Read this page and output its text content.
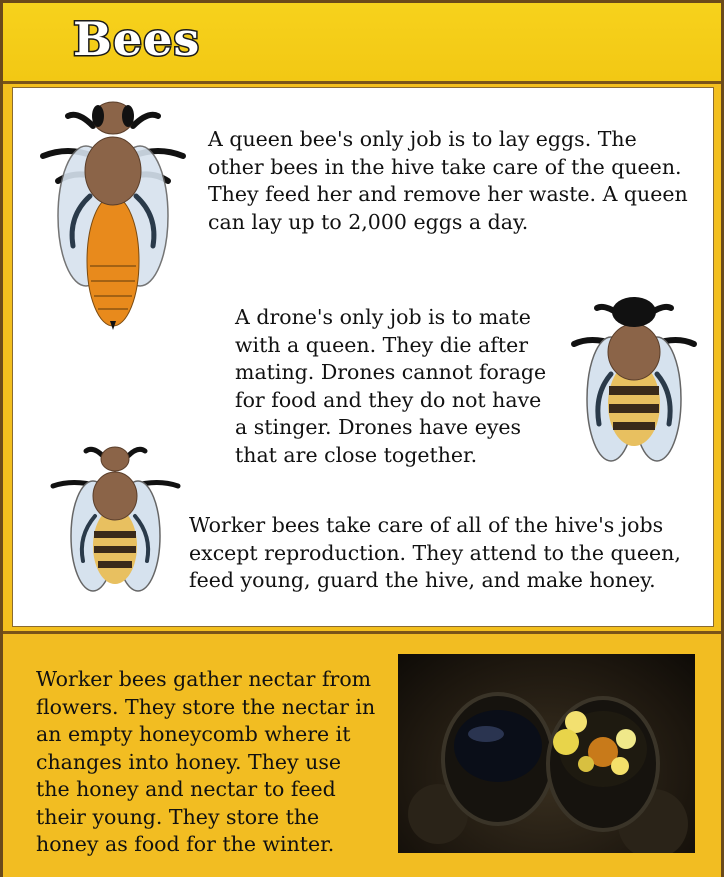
Bees
A queen bee's only job is to lay eggs. The other bees in the hive take care of the queen. They feed her and remove her waste. A queen can lay up to 2,000 eggs a day.
A drone's only job is to mate with a queen. They die after mating. Drones cannot forage for food and they do not have a stinger. Drones have eyes that are close together.
Worker bees take care of all of the hive's jobs except reproduction. They attend to the queen, feed young, guard the hive, and make honey.
Worker bees gather nectar from flowers. They store the nectar in an empty honeycomb where it changes into honey. They use the honey and nectar to feed their young. They store the honey as food for the winter.
